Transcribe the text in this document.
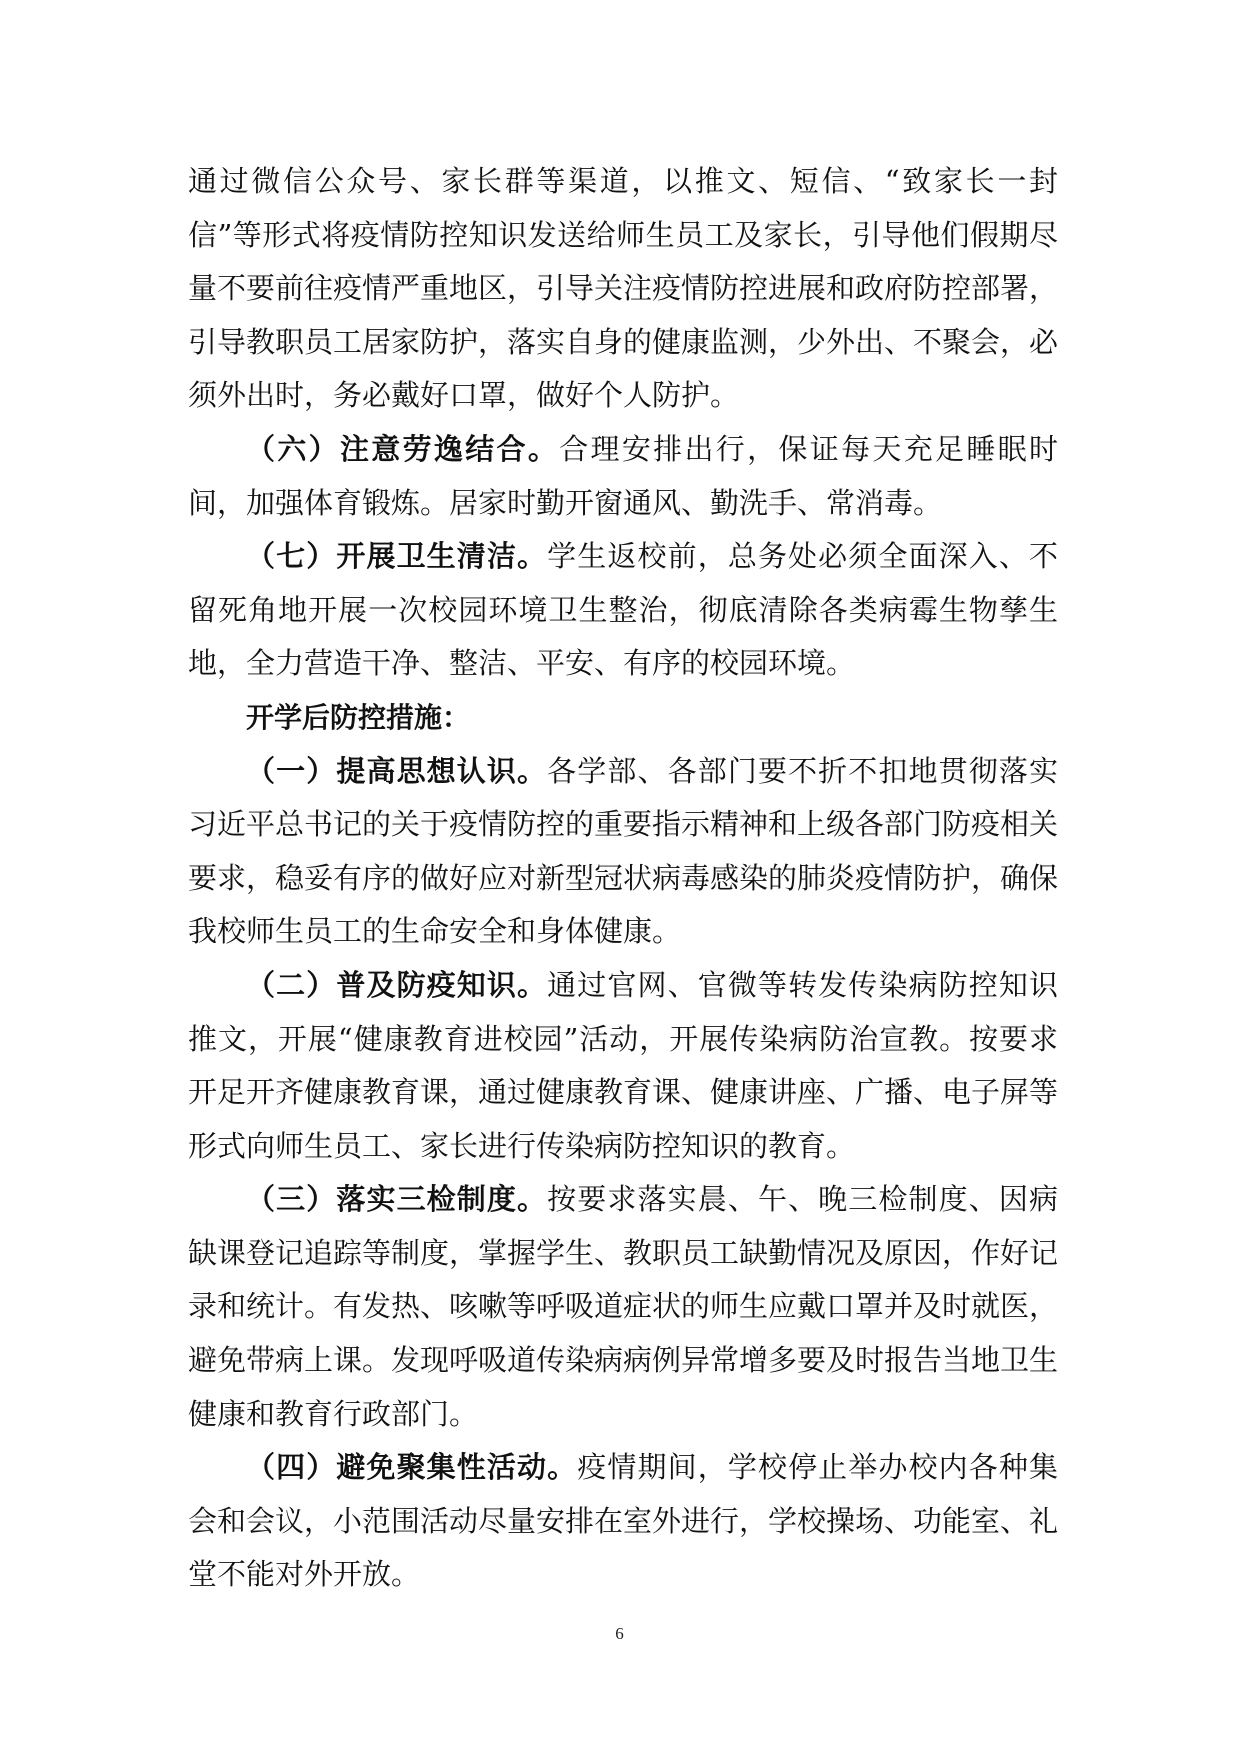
通过微信公众号、家长群等渠道，以推文、短信、“致家长一封信”等形式将疫情防控知识发送给师生员工及家长，引导他们假期尽量不要前往疫情严重地区，引导关注疫情防控进展和政府防控部署，引导教职员工居家防护，落实自身的健康监测，少外出、不聚会，必须外出时，务必戴好口罩，做好个人防护。

（六）注意劳逸结合。合理安排出行，保证每天充足睡眠时间，加强体育锻炼。居家时勤开窗通风、勤洗手、常消毒。

（七）开展卫生清洁。学生返校前，总务处必须全面深入、不留死角地开展一次校园环境卫生整治，彻底清除各类病霉生物孳生地，全力营造干净、整洁、平安、有序的校园环境。

开学后防控措施：

（一）提高思想认识。各学部、各部门要不折不扣地贯彻落实习近平总书记的关于疫情防控的重要指示精神和上级各部门防疫相关要求，稳妥有序的做好应对新型冠状病毒感染的肺炎疫情防护，确保我校师生员工的生命安全和身体健康。

（二）普及防疫知识。通过官网、官微等转发传染病防控知识推文，开展“健康教育进校园”活动，开展传染病防治宣教。按要求开足开齐健康教育课，通过健康教育课、健康讲座、广播、电子屏等形式向师生员工、家长进行传染病防控知识的教育。

（三）落实三检制度。按要求落实晨、午、晚三检制度、因病缺课登记追踪等制度，掌握学生、教职员工缺勤情况及原因，作好记录和统计。有发热、咳嗽等呼吸道症状的师生应戴口罩并及时就医，避免带病上课。发现呼吸道传染病病例异常增多要及时报告当地卫生健康和教育行政部门。

（四）避免聚集性活动。疫情期间，学校停止举办校内各种集会和会议，小范围活动尽量安排在室外进行，学校操场、功能室、礼堂不能对外开放。

6
